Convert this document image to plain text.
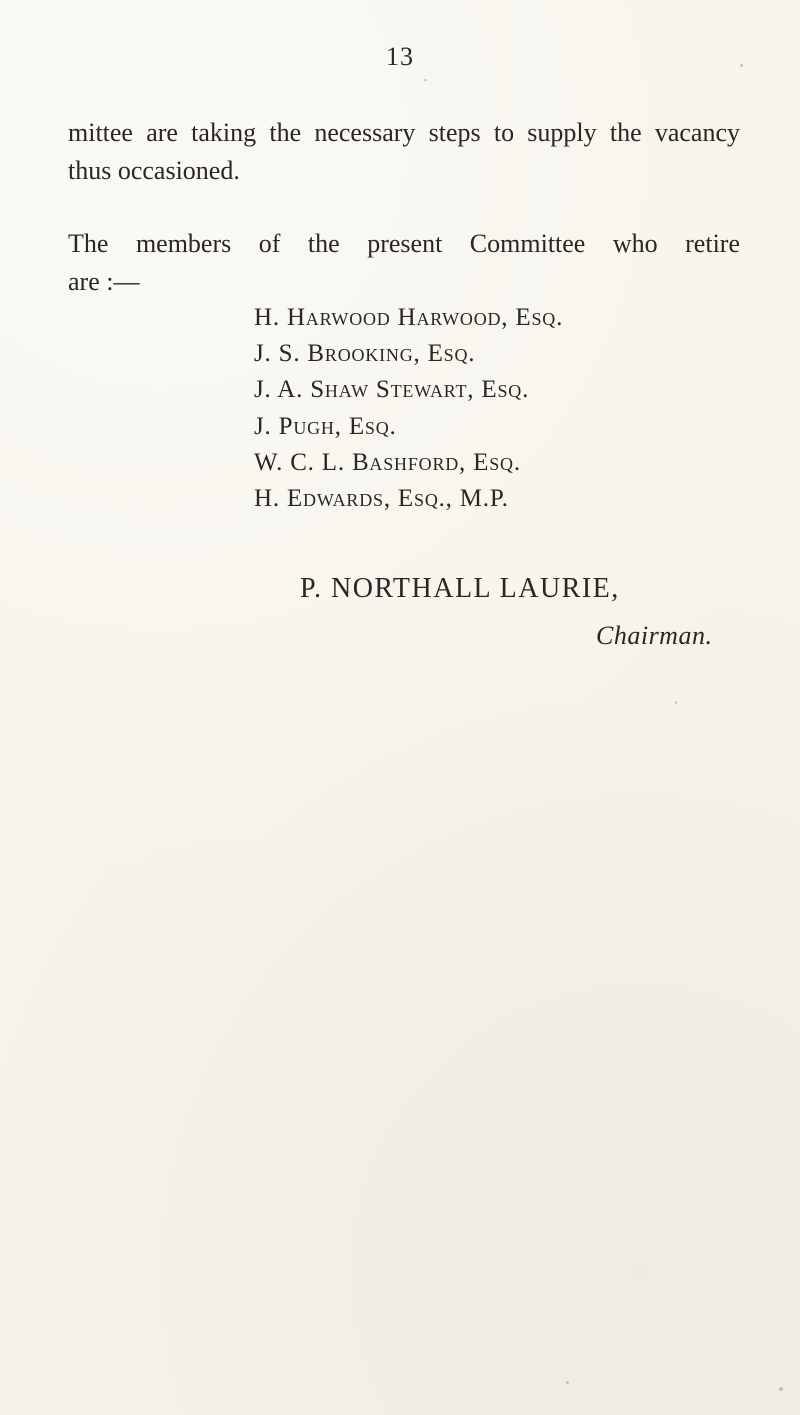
13

mittee are taking the necessary steps to supply the vacancy
thus occasioned.

The members of the present Committee who retire
are :—

H. Harwood Harwood, Esq.
J. S. Brooking, Esq.
J. A. Shaw Stewart, Esq.
J. Pugh, Esq.
W. C. L. Bashford, Esq.
H. Edwards, Esq., M.P.
P. NORTHALL LAURIE,
Chairman.
